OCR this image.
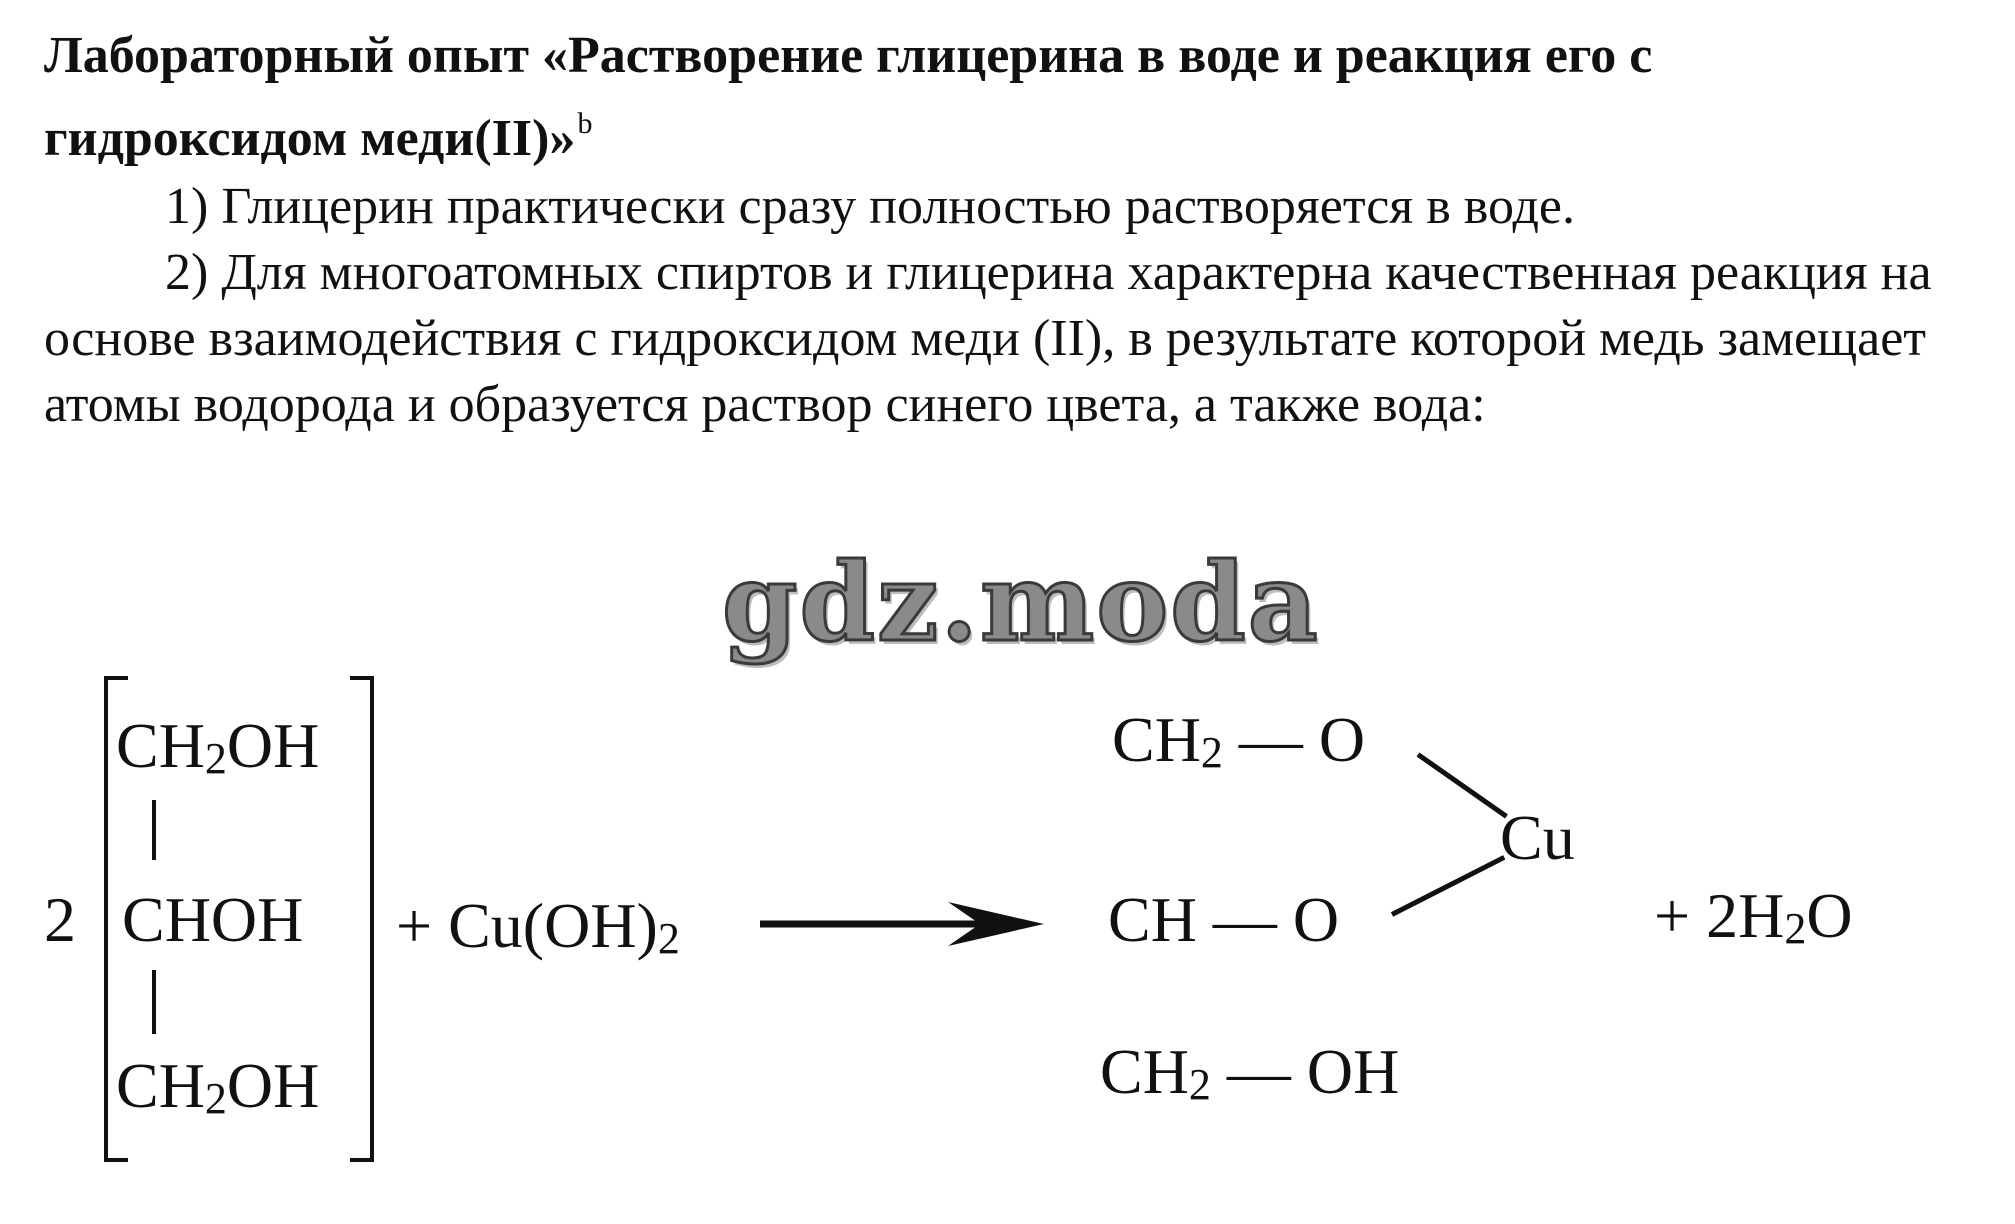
Лабораторный опыт «Растворение глицерина в воде и реакция его с гидроксидом меди(II)»$^b$

1) Глицерин практически сразу полностью растворяется в воде.

2) Для многоатомных спиртов и глицерина характерна качественная реакция на основе взаимодействия с гидроксидом меди (II), в результате которой медь замещает атомы водорода и образуется раствор синего цвета, а также вода:

gdz.moda
2
$CH_2OH$
CHOH
$CH_2OH$
+ $Cu(OH)_2$
$CH_2$ — O
CH — O
$CH_2$ — OH
Cu
+ $2H_2O$
